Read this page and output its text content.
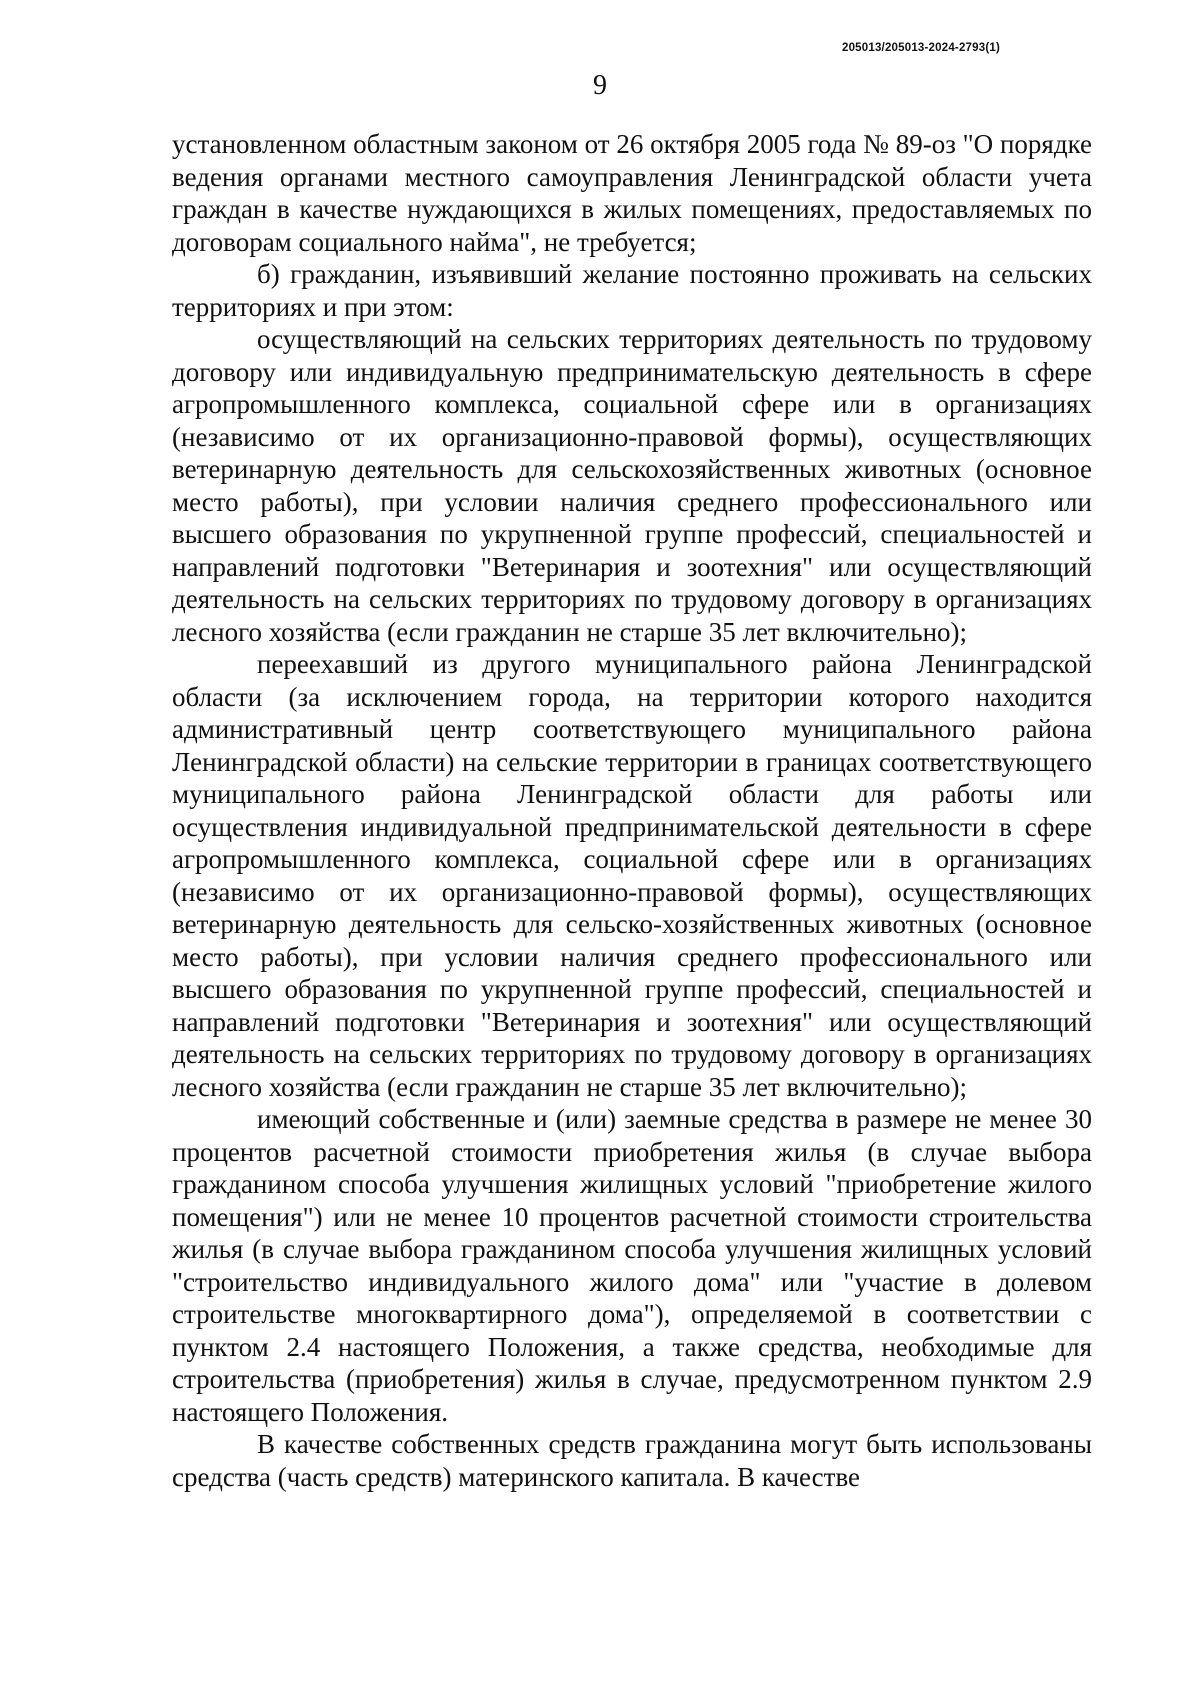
205013/205013-2024-2793(1)
9

установленном областным законом от 26 октября 2005 года № 89-оз "О порядке ведения органами местного самоуправления Ленинградской области учета граждан в качестве нуждающихся в жилых помещениях, предоставляемых по договорам социального найма", не требуется;

б) гражданин, изъявивший желание постоянно проживать на сельских территориях и при этом:

осуществляющий на сельских территориях деятельность по трудовому договору или индивидуальную предпринимательскую деятельность в сфере агропромышленного комплекса, социальной сфере или в организациях (независимо от их организационно-правовой формы), осуществляющих ветеринарную деятельность для сельскохозяйственных животных (основное место работы), при условии наличия среднего профессионального или высшего образования по укрупненной группе профессий, специальностей и направлений подготовки "Ветеринария и зоотехния" или осуществляющий деятельность на сельских территориях по трудовому договору в организациях лесного хозяйства (если гражданин не старше 35 лет включительно);

переехавший из другого муниципального района Ленинградской области (за исключением города, на территории которого находится административный центр соответствующего муниципального района Ленинградской области) на сельские территории в границах соответствующего муниципального района Ленинградской области для работы или осуществления индивидуальной предпринимательской деятельности в сфере агропромышленного комплекса, социальной сфере или в организациях (независимо от их организационно-правовой формы), осуществляющих ветеринарную деятельность для сельско-хозяйственных животных (основное место работы), при условии наличия среднего профессионального или высшего образования по укрупненной группе профессий, специальностей и направлений подготовки "Ветеринария и зоотехния" или осуществляющий деятельность на сельских территориях по трудовому договору в организациях лесного хозяйства (если гражданин не старше 35 лет включительно);

имеющий собственные и (или) заемные средства в размере не менее 30 процентов расчетной стоимости приобретения жилья (в случае выбора гражданином способа улучшения жилищных условий "приобретение жилого помещения") или не менее 10 процентов расчетной стоимости строительства жилья (в случае выбора гражданином способа улучшения жилищных условий "строительство индивидуального жилого дома" или "участие в долевом строительстве многоквартирного дома"), определяемой в соответствии с пунктом 2.4 настоящего Положения, а также средства, необходимые для строительства (приобретения) жилья в случае, предусмотренном пунктом 2.9 настоящего Положения.

В качестве собственных средств гражданина могут быть использованы средства (часть средств) материнского капитала. В качестве
